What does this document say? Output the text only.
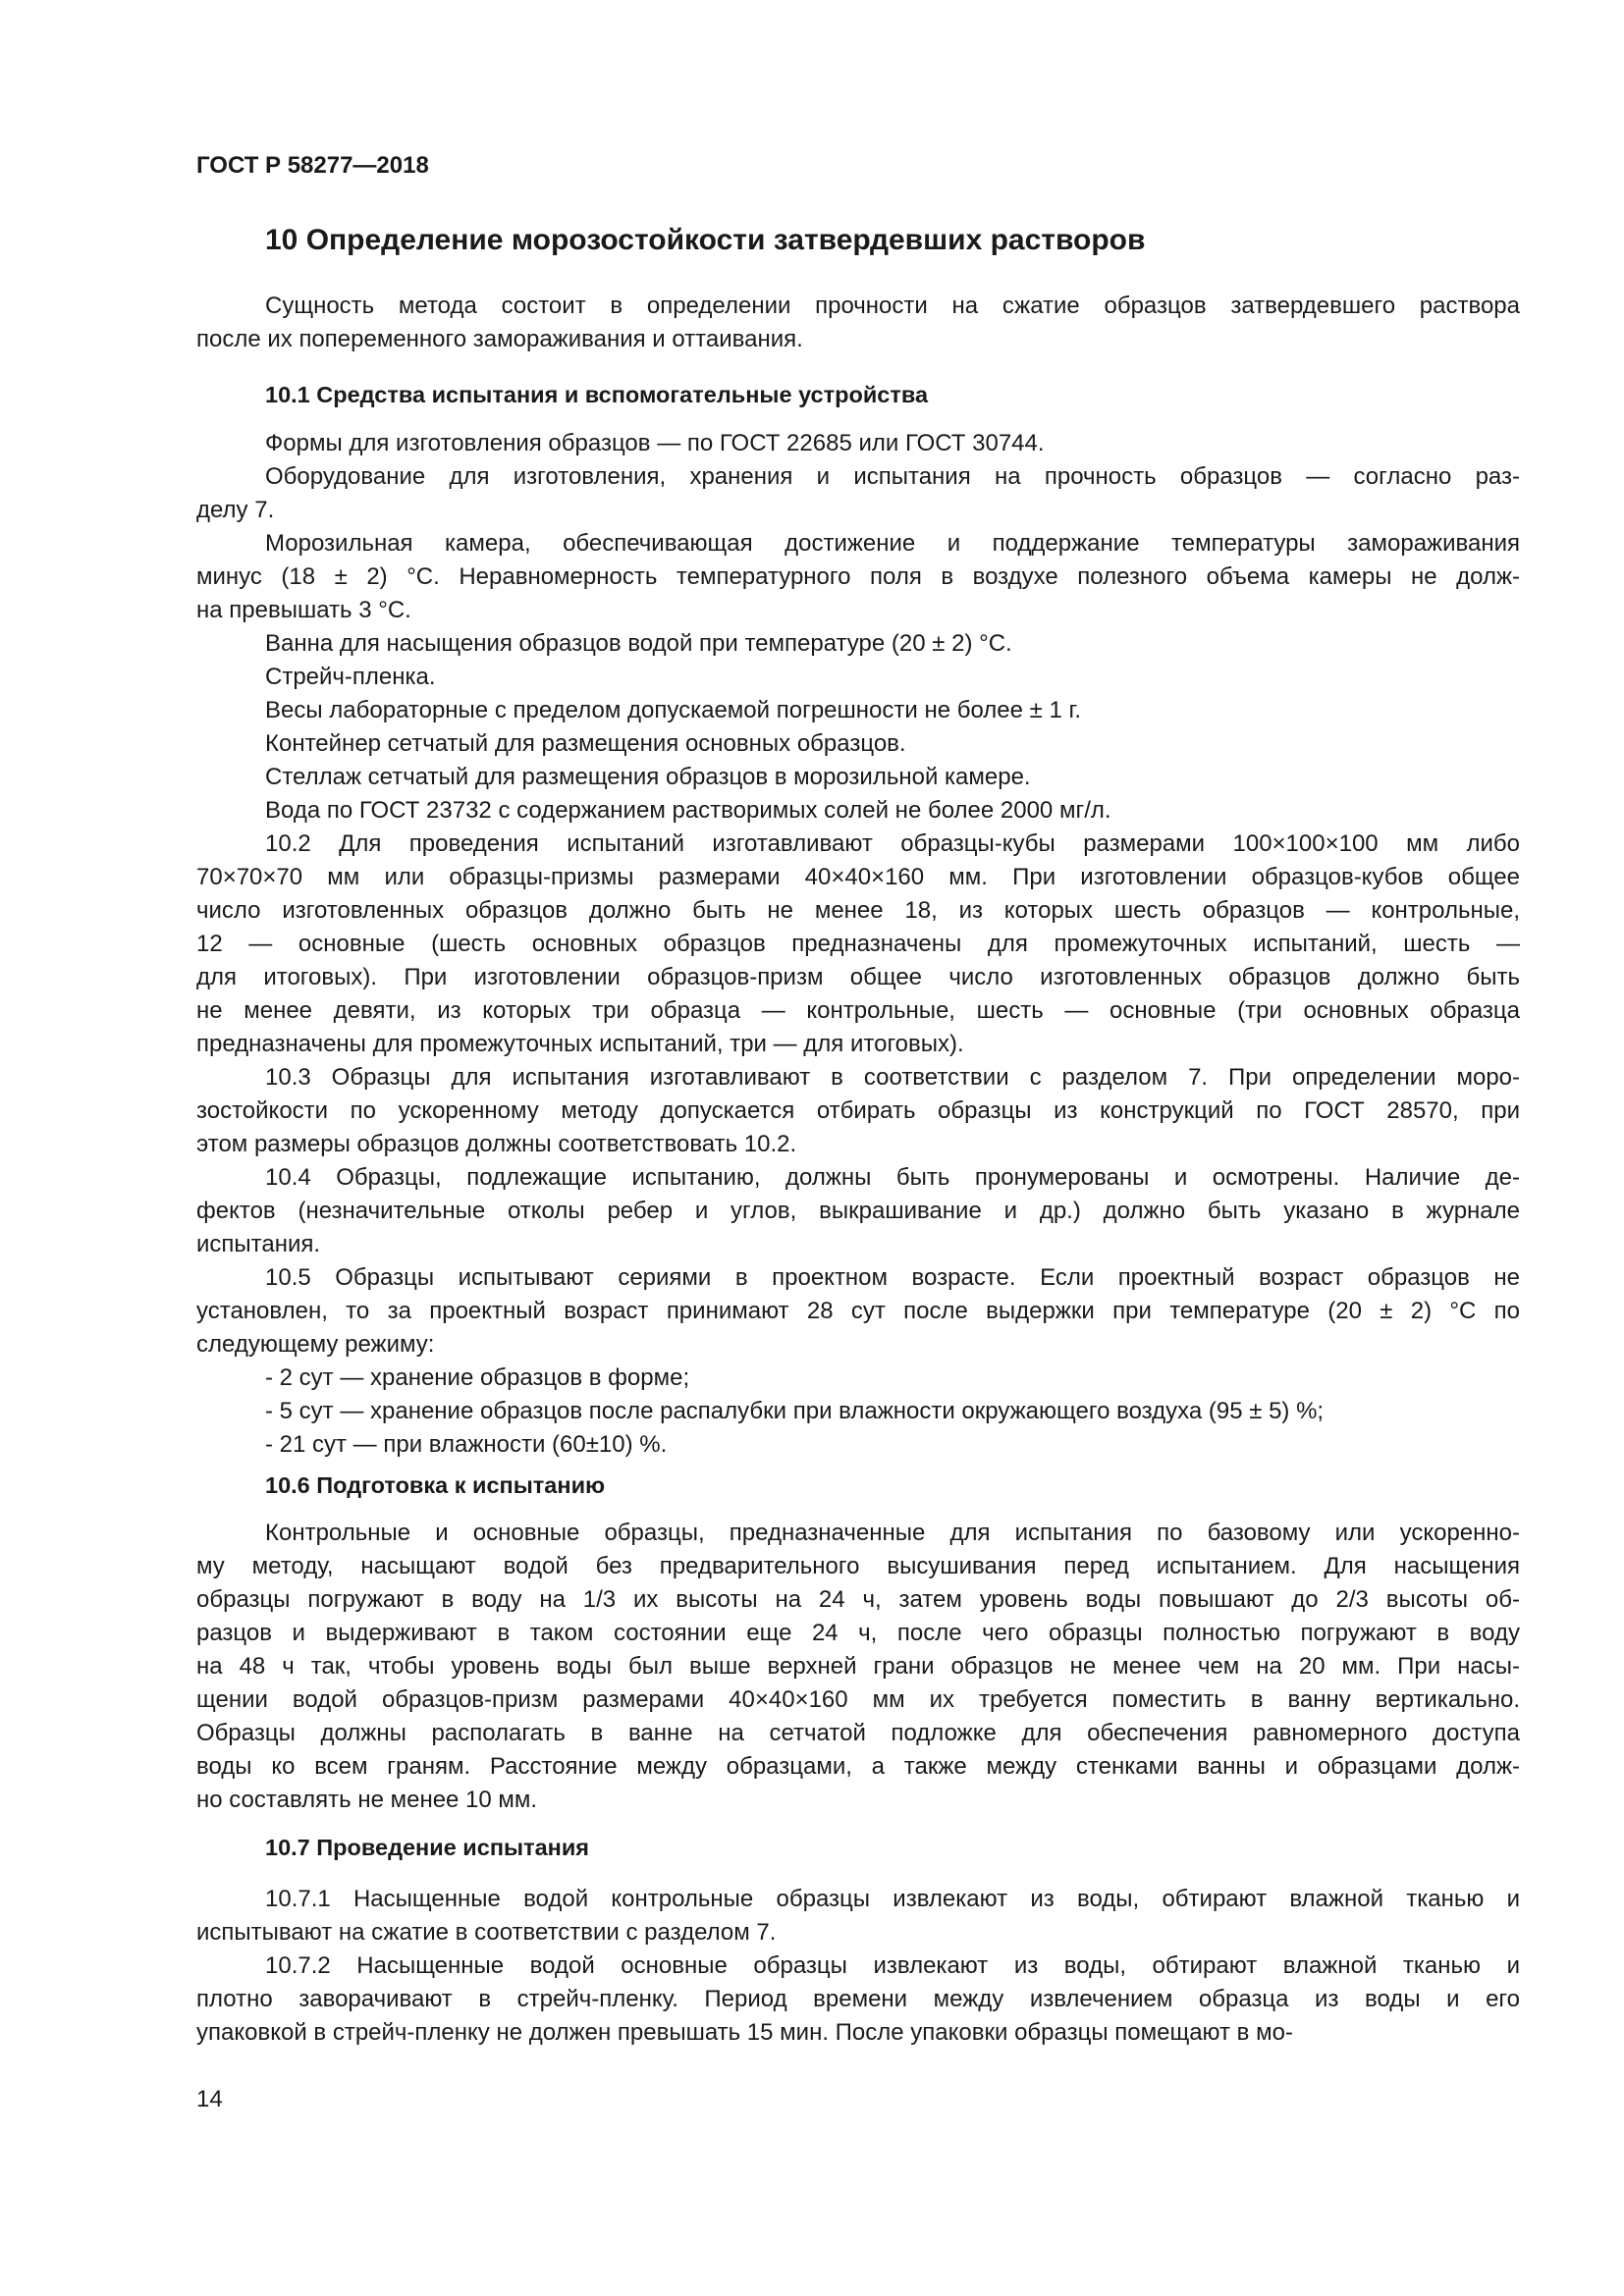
ГОСТ Р 58277—2018
10 Определение морозостойкости затвердевших растворов
Сущность метода состоит в определении прочности на сжатие образцов затвердевшего раствора
после их попеременного замораживания и оттаивания.
10.1 Средства испытания и вспомогательные устройства
Формы для изготовления образцов — по ГОСТ 22685 или ГОСТ 30744.
Оборудование для изготовления, хранения и испытания на прочность образцов — согласно раз-
делу 7.
Морозильная камера, обеспечивающая достижение и поддержание температуры замораживания
минус (18 ± 2) °С. Неравномерность температурного поля в воздухе полезного объема камеры не долж-
на превышать 3 °С.
Ванна для насыщения образцов водой при температуре (20 ± 2) °С.
Стрейч-пленка.
Весы лабораторные с пределом допускаемой погрешности не более ± 1 г.
Контейнер сетчатый для размещения основных образцов.
Стеллаж сетчатый для размещения образцов в морозильной камере.
Вода по ГОСТ 23732 с содержанием растворимых солей не более 2000 мг/л.
10.2 Для проведения испытаний изготавливают образцы-кубы размерами 100×100×100 мм либо
70×70×70 мм или образцы-призмы размерами 40×40×160 мм. При изготовлении образцов-кубов общее
число изготовленных образцов должно быть не менее 18, из которых шесть образцов — контрольные,
12 — основные (шесть основных образцов предназначены для промежуточных испытаний, шесть —
для итоговых). При изготовлении образцов-призм общее число изготовленных образцов должно быть
не менее девяти, из которых три образца — контрольные, шесть — основные (три основных образца
предназначены для промежуточных испытаний, три — для итоговых).
10.3 Образцы для испытания изготавливают в соответствии с разделом 7. При определении моро-
зостойкости по ускоренному методу допускается отбирать образцы из конструкций по ГОСТ 28570, при
этом размеры образцов должны соответствовать 10.2.
10.4 Образцы, подлежащие испытанию, должны быть пронумерованы и осмотрены. Наличие де-
фектов (незначительные отколы ребер и углов, выкрашивание и др.) должно быть указано в журнале
испытания.
10.5 Образцы испытывают сериями в проектном возрасте. Если проектный возраст образцов не
установлен, то за проектный возраст принимают 28 сут после выдержки при температуре (20 ± 2) °С по
следующему режиму:
- 2 сут — хранение образцов в форме;
- 5 сут — хранение образцов после распалубки при влажности окружающего воздуха (95 ± 5) %;
- 21 сут — при влажности (60±10) %.
10.6 Подготовка к испытанию
Контрольные и основные образцы, предназначенные для испытания по базовому или ускоренно-
му методу, насыщают водой без предварительного высушивания перед испытанием. Для насыщения
образцы погружают в воду на 1/3 их высоты на 24 ч, затем уровень воды повышают до 2/3 высоты об-
разцов и выдерживают в таком состоянии еще 24 ч, после чего образцы полностью погружают в воду
на 48 ч так, чтобы уровень воды был выше верхней грани образцов не менее чем на 20 мм. При насы-
щении водой образцов-призм размерами 40×40×160 мм их требуется поместить в ванну вертикально.
Образцы должны располагать в ванне на сетчатой подложке для обеспечения равномерного доступа
воды ко всем граням. Расстояние между образцами, а также между стенками ванны и образцами долж-
но составлять не менее 10 мм.
10.7 Проведение испытания
10.7.1 Насыщенные водой контрольные образцы извлекают из воды, обтирают влажной тканью и
испытывают на сжатие в соответствии с разделом 7.
10.7.2 Насыщенные водой основные образцы извлекают из воды, обтирают влажной тканью и
плотно заворачивают в стрейч-пленку. Период времени между извлечением образца из воды и его
упаковкой в стрейч-пленку не должен превышать 15 мин. После упаковки образцы помещают в мо-
14
